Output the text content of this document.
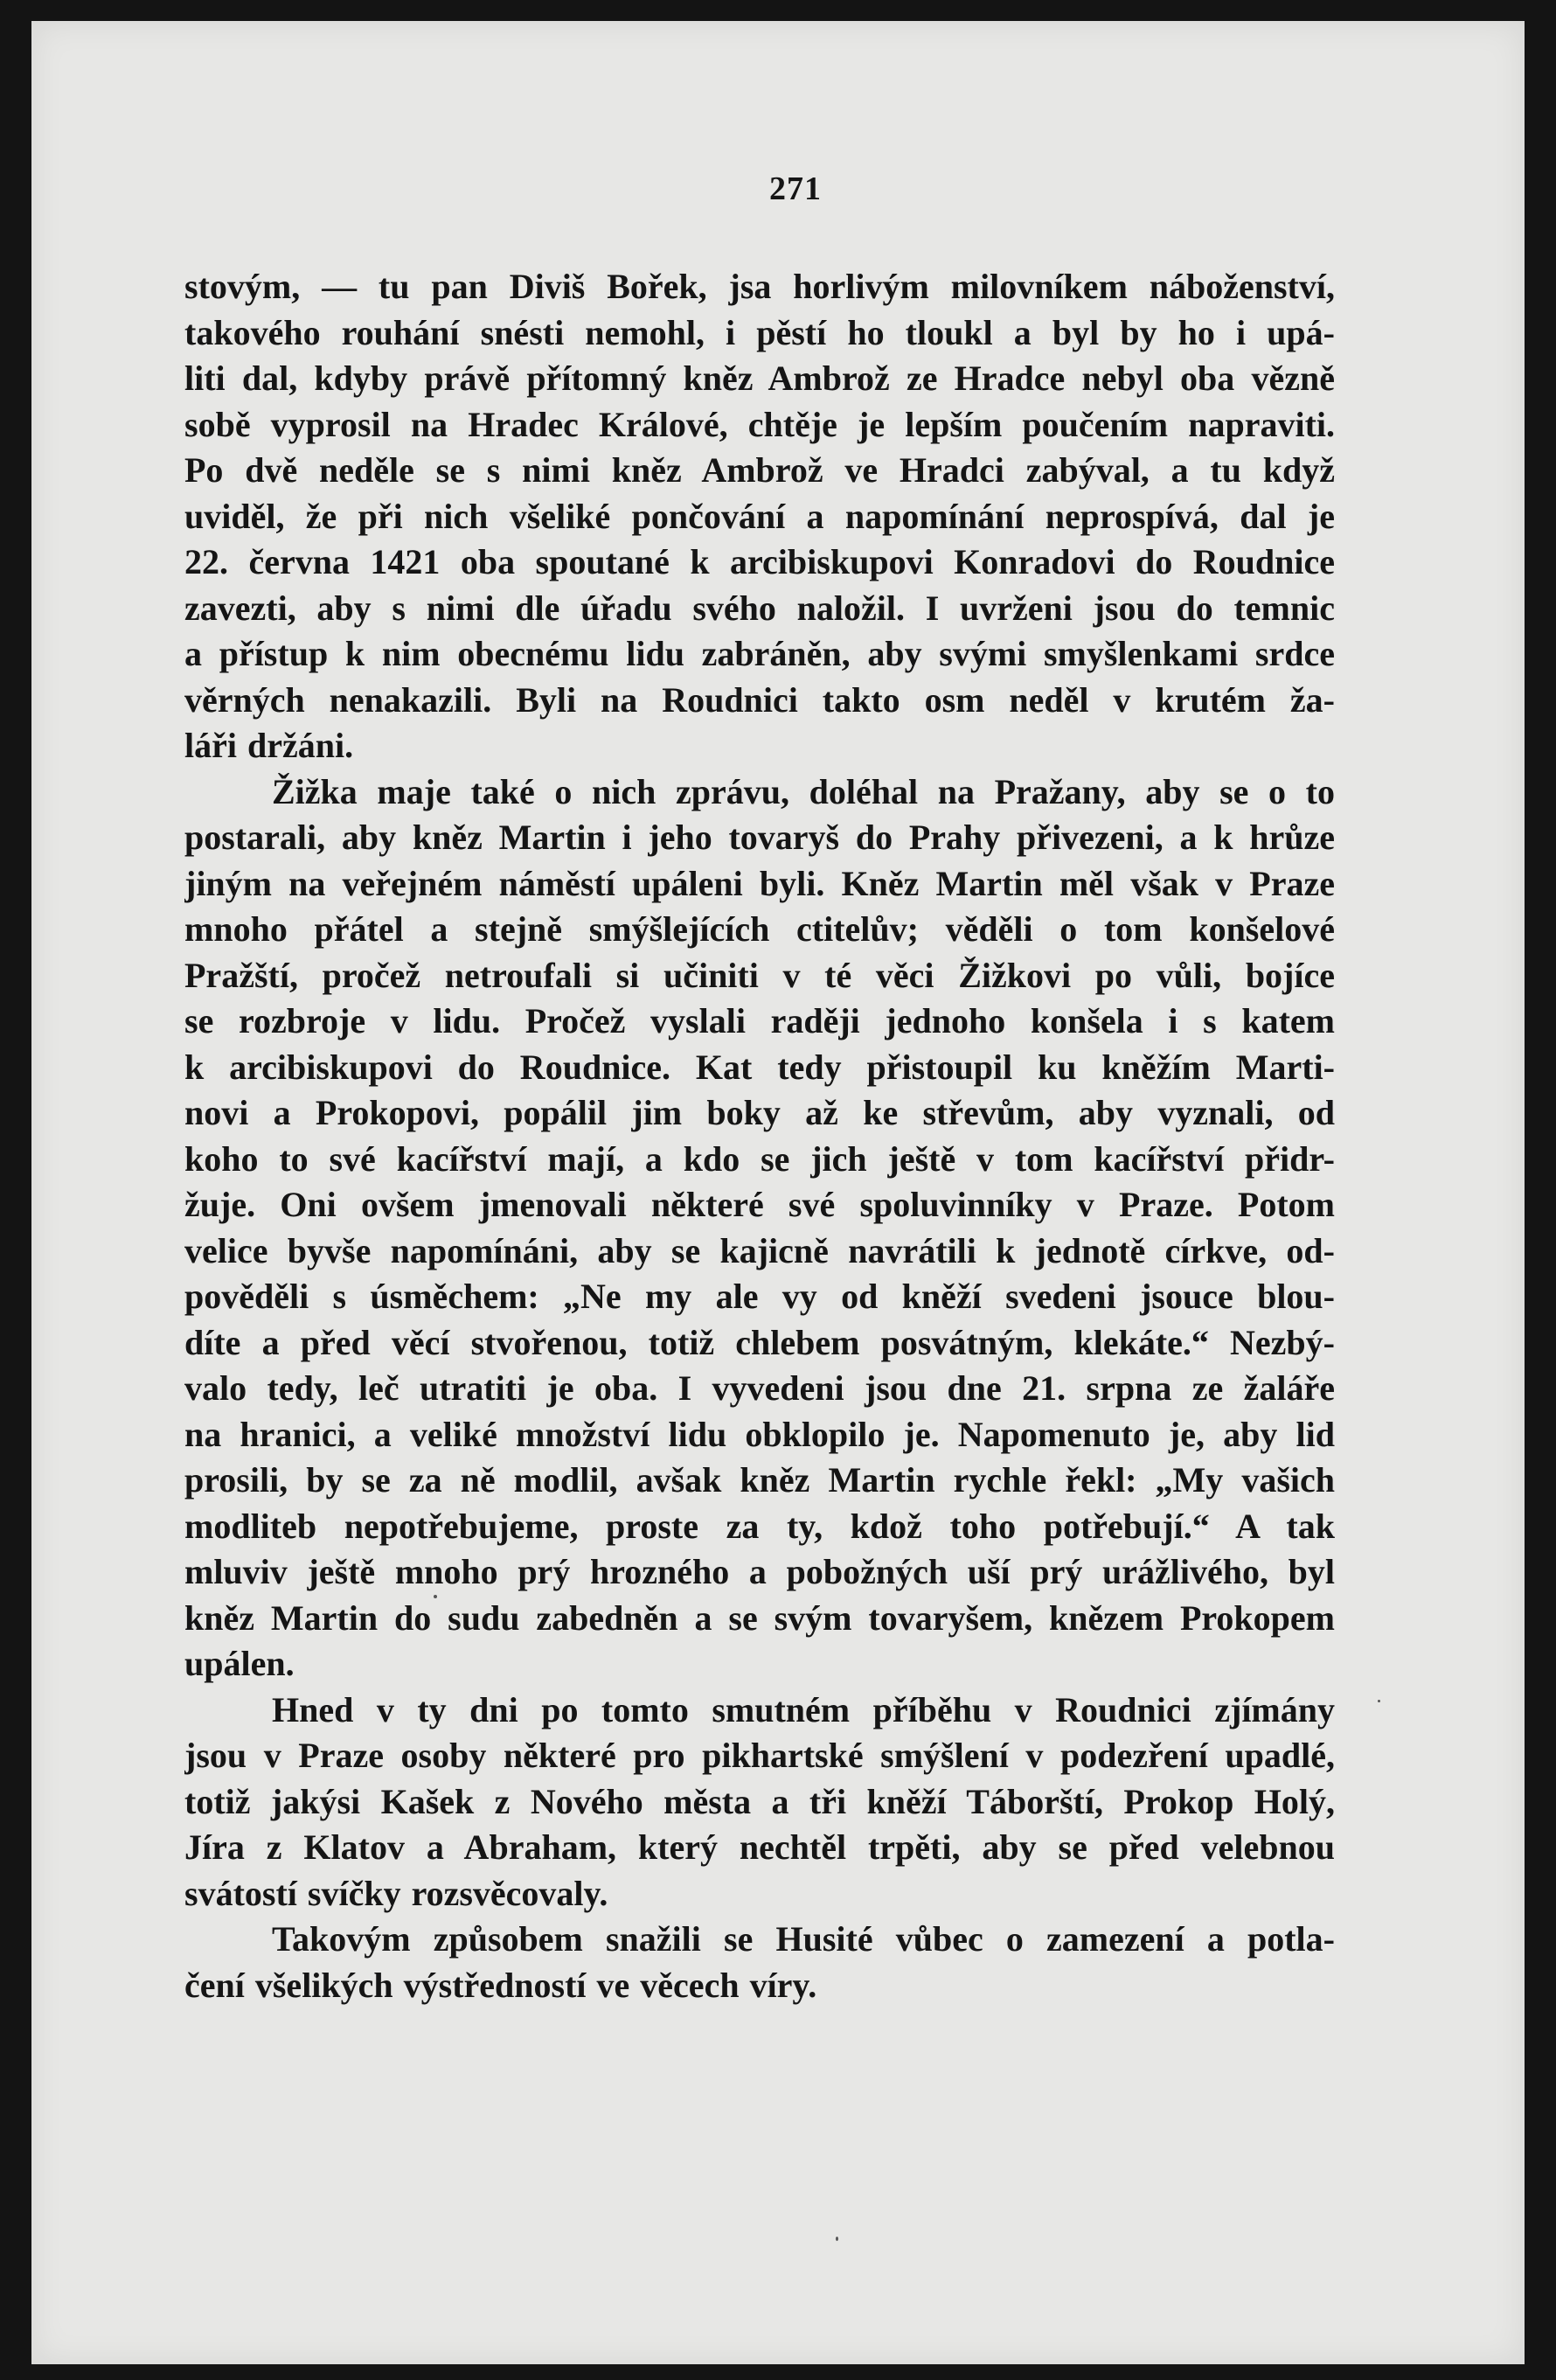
271
stovým, — tu pan Diviš Bořek, jsa horlivým milovníkem náboženství,
takového rouhání snésti nemohl, i pěstí ho tloukl a byl by ho i upá-
liti dal, kdyby právě přítomný kněz Ambrož ze Hradce nebyl oba vězně
sobě vyprosil na Hradec Králové, chtěje je lepším poučením napraviti.
Po dvě neděle se s nimi kněz Ambrož ve Hradci zabýval, a tu když
uviděl, že při nich všeliké pončování a napomínání neprospívá, dal je
22. června 1421 oba spoutané k arcibiskupovi Konradovi do Roudnice
zavezti, aby s nimi dle úřadu svého naložil. I uvrženi jsou do temnic
a přístup k nim obecnému lidu zabráněn, aby svými smyšlenkami srdce
věrných nenakazili. Byli na Roudnici takto osm neděl v krutém ža-
láři držáni.
Žižka maje také o nich zprávu, doléhal na Pražany, aby se o to
postarali, aby kněz Martin i jeho tovaryš do Prahy přivezeni, a k hrůze
jiným na veřejném náměstí upáleni byli. Kněz Martin měl však v Praze
mnoho přátel a stejně smýšlejících ctitelův; věděli o tom konšelové
Pražští, pročež netroufali si učiniti v té věci Žižkovi po vůli, bojíce
se rozbroje v lidu. Pročež vyslali raději jednoho konšela i s katem
k arcibiskupovi do Roudnice. Kat tedy přistoupil ku kněžím Marti-
novi a Prokopovi, popálil jim boky až ke střevům, aby vyznali, od
koho to své kacířství mají, a kdo se jich ještě v tom kacířství přidr-
žuje. Oni ovšem jmenovali některé své spoluvinníky v Praze. Potom
velice byvše napomínáni, aby se kajicně navrátili k jednotě církve, od-
pověděli s úsměchem: „Ne my ale vy od kněží svedeni jsouce blou-
díte a před věcí stvořenou, totiž chlebem posvátným, klekáte.“ Nezbý-
valo tedy, leč utratiti je oba. I vyvedeni jsou dne 21. srpna ze žaláře
na hranici, a veliké množství lidu obklopilo je. Napomenuto je, aby lid
prosili, by se za ně modlil, avšak kněz Martin rychle řekl: „My vašich
modliteb nepotřebujeme, proste za ty, kdož toho potřebují.“ A tak
mluviv ještě mnoho prý hrozného a pobožných uší prý urážlivého, byl
kněz Martin do sudu zabedněn a se svým tovaryšem, knězem Prokopem
upálen.
Hned v ty dni po tomto smutném příběhu v Roudnici zjímány
jsou v Praze osoby některé pro pikhartské smýšlení v podezření upadlé,
totiž jakýsi Kašek z Nového města a tři kněží Táborští, Prokop Holý,
Jíra z Klatov a Abraham, který nechtěl trpěti, aby se před velebnou
svátostí svíčky rozsvěcovaly.
Takovým způsobem snažili se Husité vůbec o zamezení a potla-
čení všelikých výstředností ve věcech víry.
